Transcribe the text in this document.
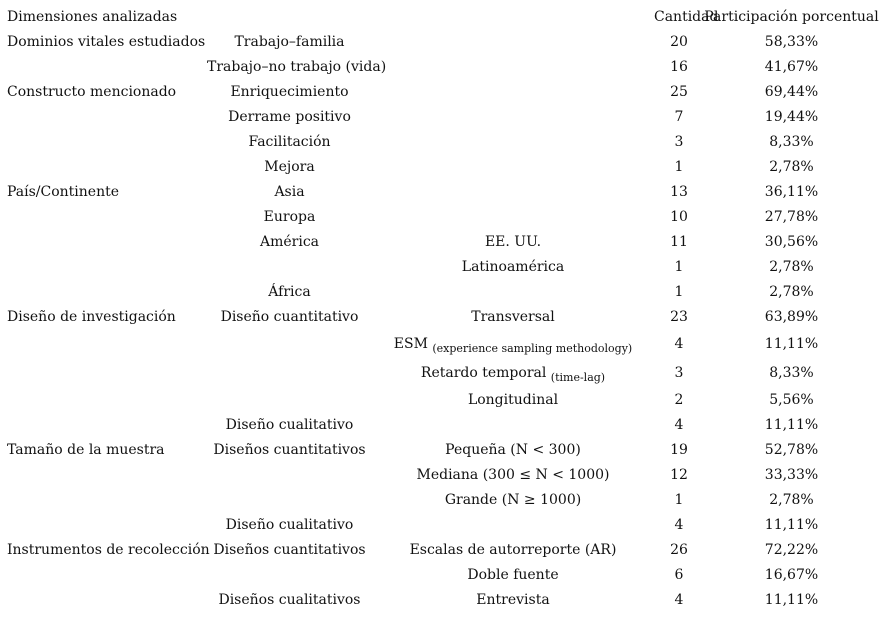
Dimensiones analizadas			Cantidad	Participación porcentual
Dominios vitales estudiados	Trabajo–familia		20	58,33%
	Trabajo–no trabajo (vida)		16	41,67%
Constructo mencionado	Enriquecimiento		25	69,44%
	Derrame positivo		7	19,44%
	Facilitación		3	8,33%
	Mejora		1	2,78%
País/Continente	Asia		13	36,11%
	Europa		10	27,78%
	América	EE. UU.	11	30,56%
		Latinoamérica	1	2,78%
	África		1	2,78%
Diseño de investigación	Diseño cuantitativo	Transversal	23	63,89%
		ESM $_{(experience sampling methodology)}$	4	11,11%
		Retardo temporal $_{(time-lag)}$	3	8,33%
		Longitudinal	2	5,56%
	Diseño cualitativo		4	11,11%
Tamaño de la muestra	Diseños cuantitativos	Pequeña (N < 300)	19	52,78%
		Mediana (300 ≤ N < 1000)	12	33,33%
		Grande (N ≥ 1000)	1	2,78%
	Diseño cualitativo		4	11,11%
Instrumentos de recolección	Diseños cuantitativos	Escalas de autorreporte (AR)	26	72,22%
		Doble fuente	6	16,67%
	Diseños cualitativos	Entrevista	4	11,11%
